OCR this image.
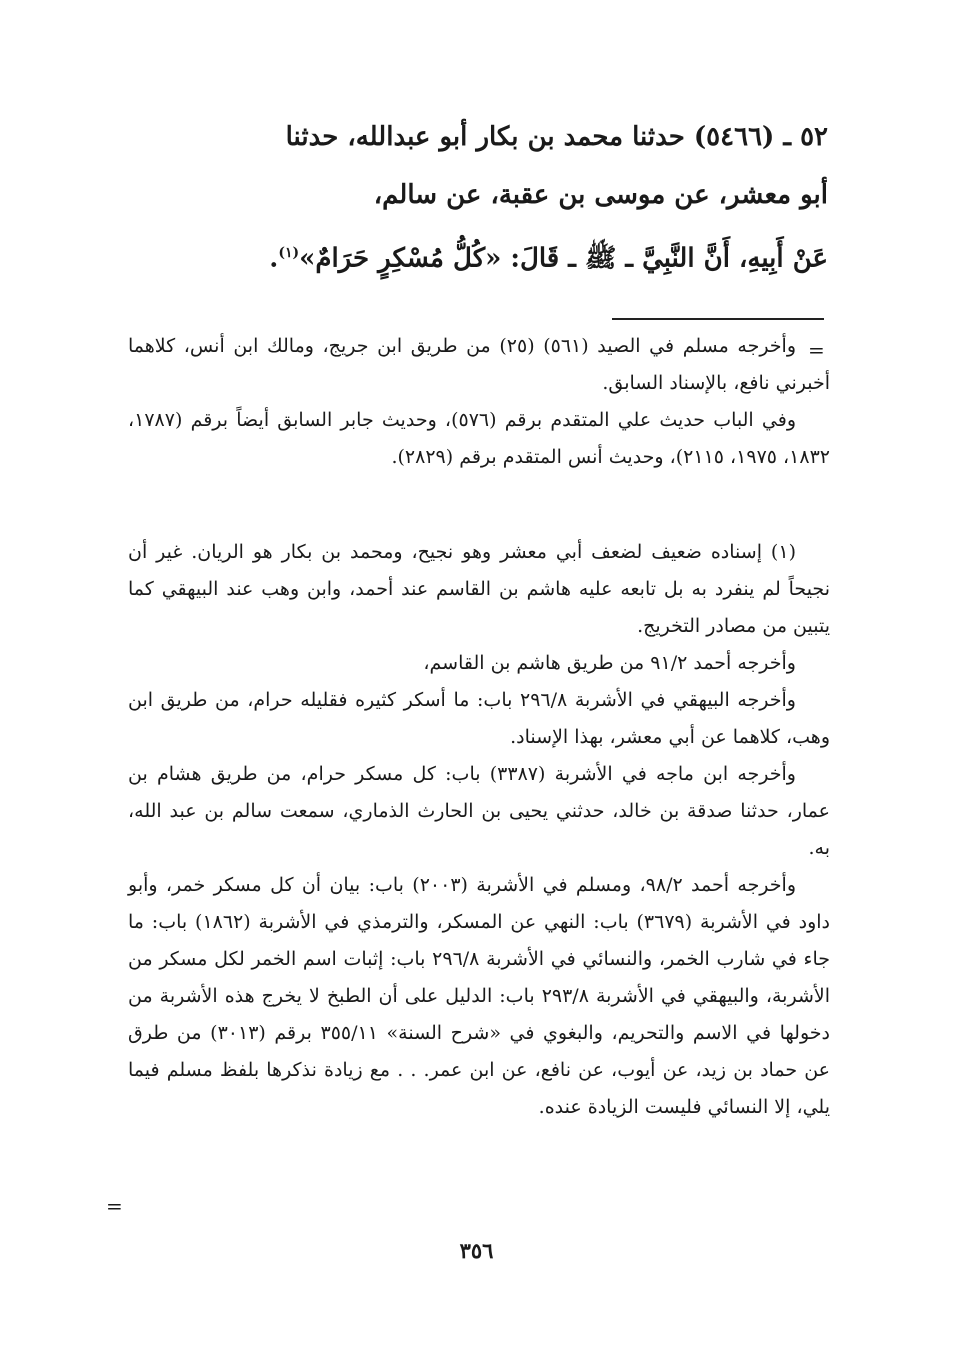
٥٢ ـ (٥٤٦٦) حدثنا محمد بن بكار أبو عبدالله، حدثنا

أبو معشر، عن موسى بن عقبة، عن سالم،

عَنْ أَبِيهِ، أَنَّ النَّبِيَّ ـ ﷺ ـ قَالَ: «كُلُّ مُسْكِرٍ حَرَامٌ»$^{(١)}$.

=

وأخرجه مسلم في الصيد (٥٦١) (٢٥) من طريق ابن جريج، ومالك ابن أنس، كلاهما أخبرني نافع، بالإسناد السابق.

وفي الباب حديث علي المتقدم برقم (٥٧٦)، وحديث جابر السابق أيضاً برقم (١٧٨٧، ١٨٣٢، ١٩٧٥، ٢١١٥)، وحديث أنس المتقدم برقم (٢٨٢٩).

(١) إسناده ضعيف لضعف أبي معشر وهو نجيح، ومحمد بن بكار هو الريان. غير أن نجيحاً لم ينفرد به بل تابعه عليه هاشم بن القاسم عند أحمد، وابن وهب عند البيهقي كما يتبين من مصادر التخريج.

وأخرجه أحمد ٩١/٢ من طريق هاشم بن القاسم،

وأخرجه البيهقي في الأشربة ٢٩٦/٨ باب: ما أسكر كثيره فقليله حرام، من طريق ابن وهب، كلاهما عن أبي معشر، بهذا الإسناد.

وأخرجه ابن ماجه في الأشربة (٣٣٨٧) باب: كل مسكر حرام، من طريق هشام بن عمار، حدثنا صدقة بن خالد، حدثني يحيى بن الحارث الذماري، سمعت سالم بن عبد الله، به.

وأخرجه أحمد ٩٨/٢، ومسلم في الأشربة (٢٠٠٣) باب: بيان أن كل مسكر خمر، وأبو داود في الأشربة (٣٦٧٩) باب: النهي عن المسكر، والترمذي في الأشربة (١٨٦٢) باب: ما جاء في شارب الخمر، والنسائي في الأشربة ٢٩٦/٨ باب: إثبات اسم الخمر لكل مسكر من الأشربة، والبيهقي في الأشربة ٢٩٣/٨ باب: الدليل على أن الطبخ لا يخرج هذه الأشربة من دخولها في الاسم والتحريم، والبغوي في «شرح السنة» ٣٥٥/١١ برقم (٣٠١٣) من طرق عن حماد بن زيد، عن أيوب، عن نافع، عن ابن عمر. . . مع زيادة نذكرها بلفظ مسلم فيما يلي، إلا النسائي فليست الزيادة عنده.

=
٣٥٦
